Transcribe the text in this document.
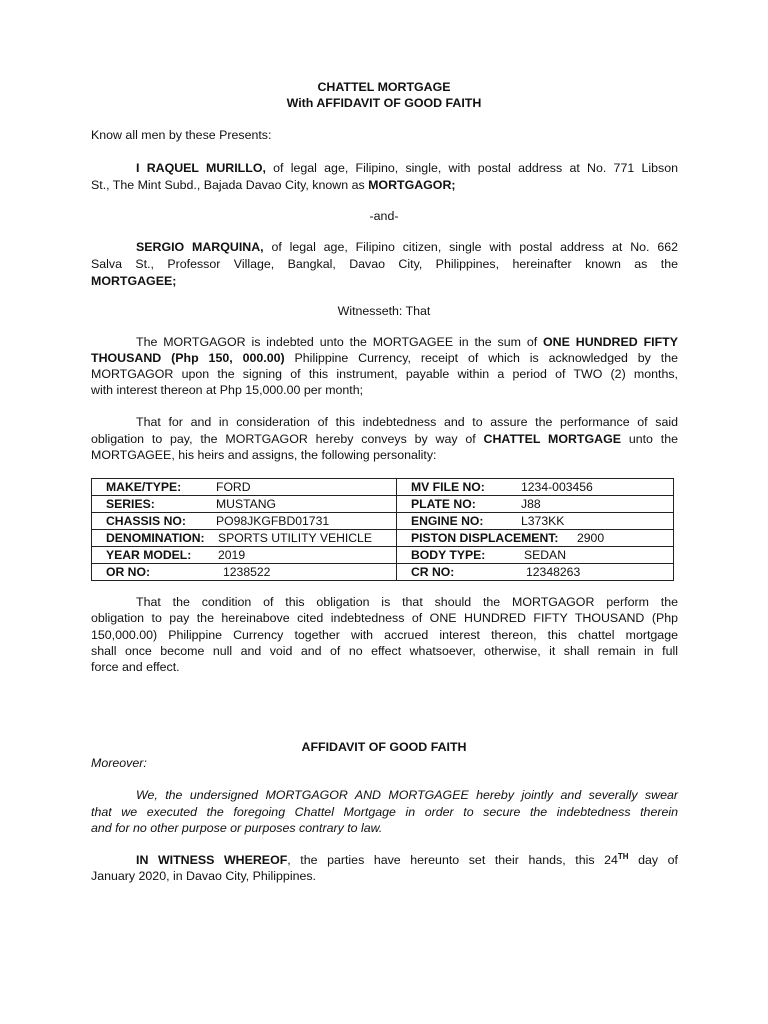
CHATTEL MORTGAGE
With AFFIDAVIT OF GOOD FAITH
Know all men by these Presents:
I RAQUEL MURILLO, of legal age, Filipino, single, with postal address at No. 771 Libson
St., The Mint Subd., Bajada Davao City, known as MORTGAGOR;
-and-
SERGIO MARQUINA, of legal age, Filipino citizen, single with postal address at No. 662
Salva St., Professor Village, Bangkal, Davao City, Philippines, hereinafter known as the
MORTGAGEE;
Witnesseth: That
The MORTGAGOR is indebted unto the MORTGAGEE in the sum of ONE HUNDRED FIFTY
THOUSAND (Php 150, 000.00) Philippine Currency, receipt of which is acknowledged by the
MORTGAGOR upon the signing of this instrument, payable within a period of TWO (2) months,
with interest thereon at Php 15,000.00 per month;
That for and in consideration of this indebtedness and to assure the performance of said
obligation to pay, the MORTGAGOR hereby conveys by way of CHATTEL MORTGAGE unto the
MORTGAGEE, his heirs and assigns, the following personality:
MAKE/TYPE: FORD	MV FILE NO: 1234-003456

SERIES: MUSTANG	PLATE NO: J88

CHASSIS NO: PO98JKGFBD01731	ENGINE NO: L373KK

DENOMINATION: SPORTS UTILITY VEHICLE	PISTON DISPLACEMENT: 2900

YEAR MODEL: 2019	BODY TYPE: SEDAN

OR NO: 1238522	CR NO: 12348263
That the condition of this obligation is that should the MORTGAGOR perform the
obligation to pay the hereinabove cited indebtedness of ONE HUNDRED FIFTY THOUSAND (Php
150,000.00) Philippine Currency together with accrued interest thereon, this chattel mortgage
shall once become null and void and of no effect whatsoever, otherwise, it shall remain in full
force and effect.
AFFIDAVIT OF GOOD FAITH
Moreover:
We, the undersigned MORTGAGOR AND MORTGAGEE hereby jointly and severally swear
that we executed the foregoing Chattel Mortgage in order to secure the indebtedness therein
and for no other purpose or purposes contrary to law.
IN WITNESS WHEREOF, the parties have hereunto set their hands, this 24TH day of
January 2020, in Davao City, Philippines.
